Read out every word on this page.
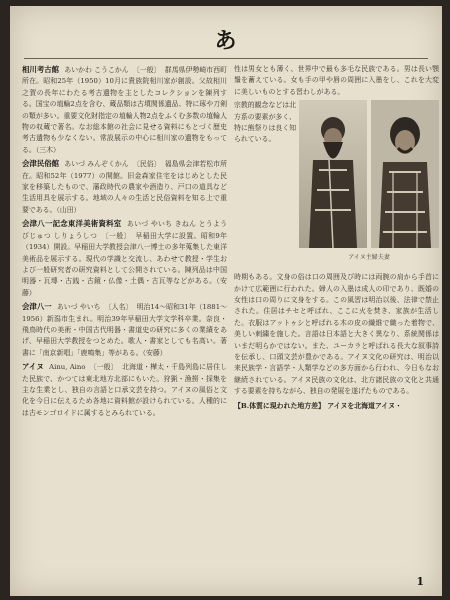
あ
相川考古館 あいかわ こうこかん 〔一般〕 群馬県伊勢崎市西町所在。昭和25年（1950）10月に貴族院相川家が創設。父故相川之賀の長年にわたる考古遺物を主としたコレクションを陳列する。国宝の埴輪2点を含む、蔵品類は古墳関係遺品、特に琢や刀剣の類が多い。重要文化財指定の埴輪人物2点をふくむ多数の埴輪人物の収蔵で著名。なお総本館の社会に見せる資料にもとづく歴史考古遺物も少なくない。常設展示の中心に相川家の遺物をもってる。（三木）
会津民俗館 あいづ みんぞくかん 〔民俗〕 福島県会津若松市所在。昭和52年（1977）の開館。旧金森家住宅をはじめとした民家を移築したもので、藩政時代の農家や酒造り、戸口の道具など生活用具を展示する。地域の人々の生活と民俗資料を知る上で重要である。（山田）
会津八一記念東洋美術資料室 あいづ やいち きねん とうよう びじゅつ しりょうしつ 〔一般〕 早稲田大学に設置。昭和9年（1934）開設。早稲田大学教授会津八一博士の多年蒐集した東洋美術品を展示する。現代の学識と交流し、あわせて教授・学生および一般研究者の研究資料として公開されている。陳列品は中国明器・瓦塼・古銭・古鏡・仏像・土偶・古瓦等などがある。（安藤）
会津八一 あいづ やいち 〔人名〕 明治14〜昭和31年（1881〜1956）新潟市生まれ。明治39年早稲田大学文学科卒業。奈良・飛鳥時代の美術・中国古代明器・書道史の研究に多くの業績をあげ、早稲田大学教授をつとめた。歌人・書家としても名高い。著書に「南京新唱」「鹿鳴集」等がある。（安藤）
アイヌ Ainu, Aino 〔一般〕 北海道・樺太・千島列島に居住した民族で、かつては東北地方北部にもいた。狩猟・漁撈・採集を主な生業とし、独自の言語と口承文芸を持つ。アイヌの風俗と文化を今日に伝えるため各地に資料館が設けられている。人種的には古モンゴロイドに属するとみられている。
性は男女とも薄く、世界中で最も多毛な民族である。男は長い顎鬚を蓄えている。女も手の甲や唇の周囲に入墨をし、これを大変に美しいものとする習わしがある。
宗教的観念などは北方系の要素が多く、特に熊祭りは良く知られている。
アイヌ主婦夫妻
時期もある。文身の俗は口の周囲及び時には両腕の肩から手首にかけて広範囲に行われた。婦人の入墨は成人の印であり、既婚の女性は口の周りに文身をする。この風習は明治以後、法律で禁止された。住居はチセと呼ばれ、ここに火を焚き、家族が生活した。衣服はアットゥシと呼ばれる木の皮の繊維で織った着物で、美しい刺繍を施した。言語は日本語と大きく異なり、系統関係はいまだ明らかではない。また、ユーカラと呼ばれる長大な叙事詩を伝承し、口頭文芸が豊かである。アイヌ文化の研究は、明治以来民族学・言語学・人類学などの多方面から行われ、今日もなお継続されている。アイヌ民族の文化は、北方諸民族の文化と共通する要素を持ちながら、独自の発展を遂げたものである。
【B.体質に現われた地方差】 アイヌを北海道アイヌ・
1
